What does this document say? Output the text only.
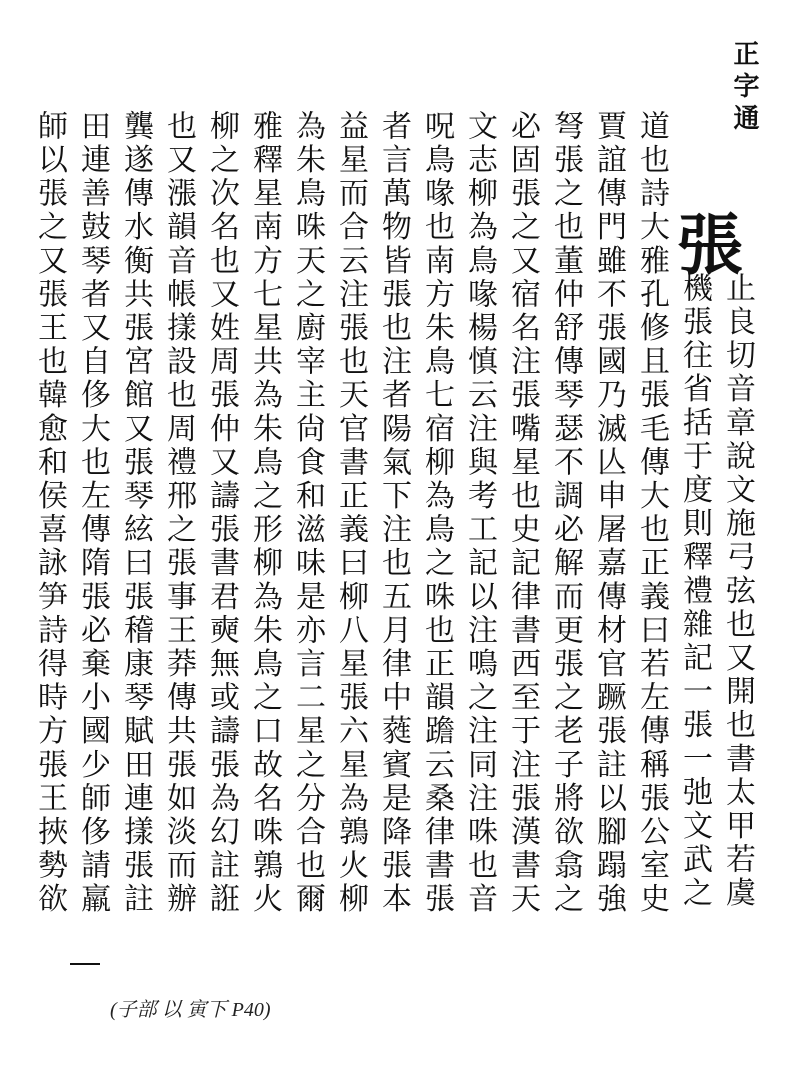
正字通
張
止良切音章說文施弓弦也又開也書太甲若虞
機張往省括于度則釋禮雜記一張一弛文武之
道也詩大雅孔修且張毛傳大也正義曰若左傳稱張公室史
賈誼傳門雖不張國乃滅亾申屠嘉傳材官蹶張註以腳蹋強
弩張之也董仲舒傳琴瑟不調必解而更張之老子將欲翕之
必固張之又宿名注張嘴星也史記律書西至于注張漢書天
文志柳為鳥喙楊慎云注與考工記以注鳴之注同注咮也音
呪鳥喙也南方朱鳥七宿柳為鳥之咮也正韻䠨云桑律書張
者言萬物皆張也注者陽氣下注也五月律中蕤賓是降張本
益星而合云注張也天官書正義曰柳八星張六星為鶉火柳
為朱鳥咮天之廚宰主尙食和滋味是亦言二星之分合也爾
雅釋星南方七星共為朱鳥之形柳為朱鳥之口故名咮鶉火
柳之次名也又姓周張仲又譸張書君奭無或譸張為幻註誑
也又漲韻音帳㨾設也周禮郉之張事王莽傳共張如淡而辦
龔遂傳水衡共張宮館又張琴絃曰張稽康琴賦田連㨾張註
田連善鼓琴者又自侈大也左傳隋張必棄小國少師侈請羸
師以張之又張王也韓愈和侯喜詠笋詩得時方張王挾勢欲
(子部 以 寅下 P40)
